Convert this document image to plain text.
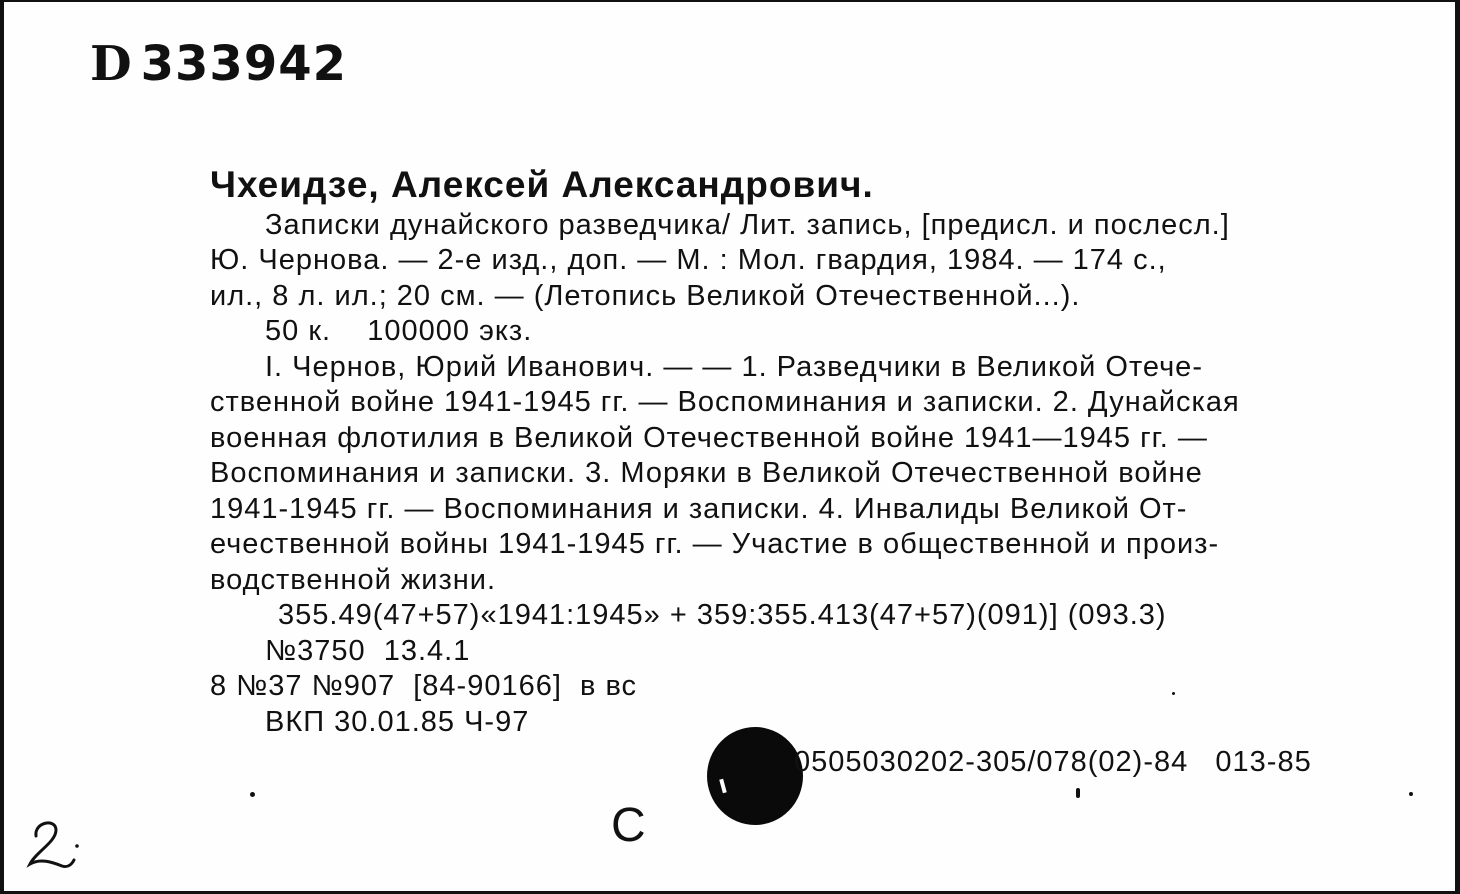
D 333942
Чхеидзе, Алексей Александрович.
Записки дунайского разведчика/ Лит. запись, [предисл. и послесл.]
Ю. Чернова. — 2-е изд., доп. — М. : Мол. гвардия, 1984. — 174 с.,
ил., 8 л. ил.; 20 см. — (Летопись Великой Отечественной...).
50 к.    100000 экз.
I. Чернов, Юрий Иванович. — — 1. Разведчики в Великой Отече-
ственной войне 1941-1945 гг. — Воспоминания и записки. 2. Дунайская
военная флотилия в Великой Отечественной войне 1941—1945 гг. —
Воспоминания и записки. 3. Моряки в Великой Отечественной войне
1941-1945 гг. — Воспоминания и записки. 4. Инвалиды Великой От-
ечественной войны 1941-1945 гг. — Участие в общественной и произ-
водственной жизни.
355.49(47+57)«1941:1945» + 359:355.413(47+57)(091)] (093.3)
№3750  13.4.1
8 №37 №907  [84-90166]  в вс
ВКП 30.01.85 Ч-97
0505030202-305/078(02)-84   013-85
С
